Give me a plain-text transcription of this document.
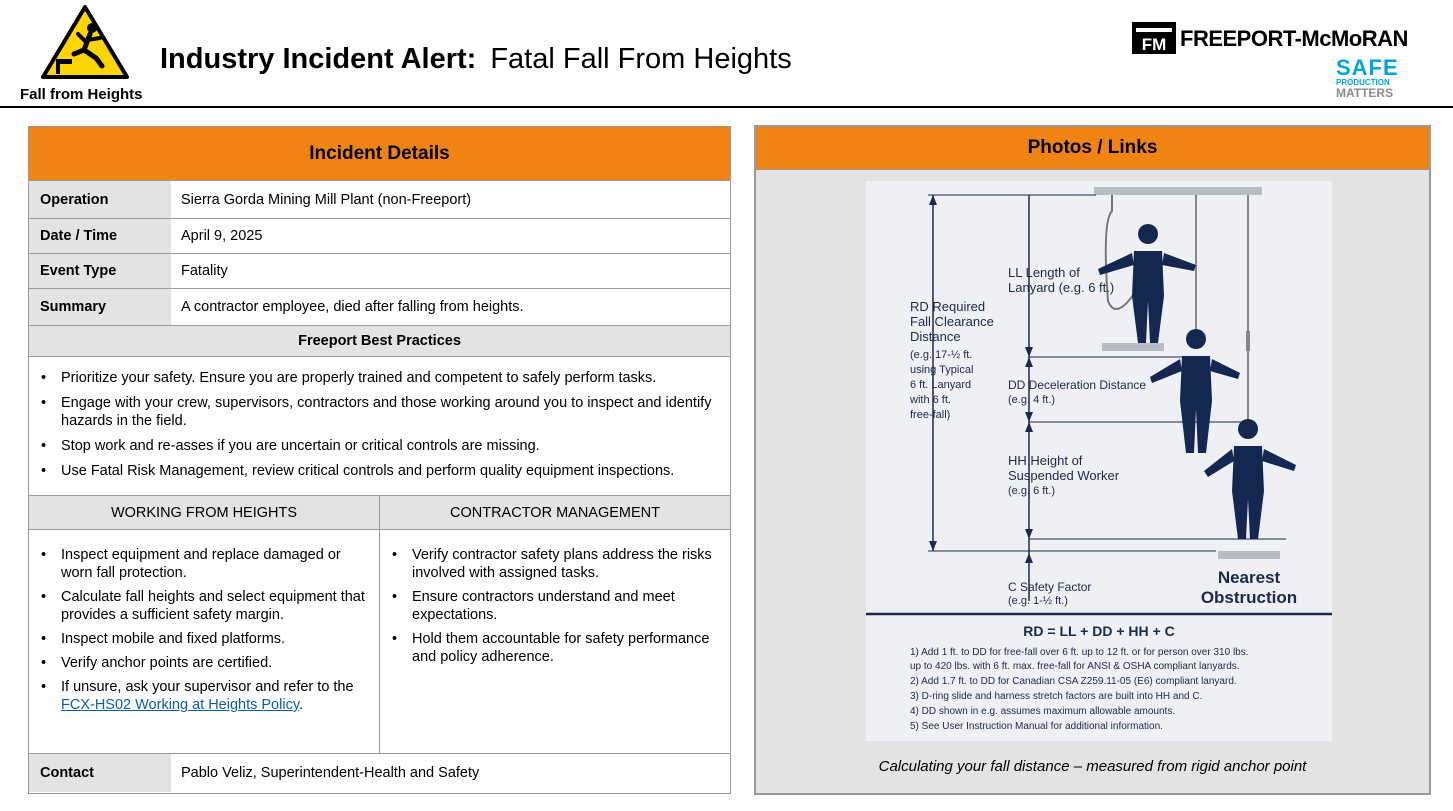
Fall from Heights
Industry Incident Alert: Fatal Fall From Heights	FM FREEPORT-McMoRAN
SAFE
PRODUCTION
MATTERS
Incident Details
Operation	Sierra Gorda Mining Mill Plant (non-Freeport)
Date / Time	April 9, 2025
Event Type	Fatality
Summary	A contractor employee, died after falling from heights.
Freeport Best Practices
• Prioritize your safety. Ensure you are properly trained and competent to safely perform tasks.
• Engage with your crew, supervisors, contractors and those working around you to inspect and identify hazards in the field.
• Stop work and re-asses if you are uncertain or critical controls are missing.
• Use Fatal Risk Management, review critical controls and perform quality equipment inspections.
WORKING FROM HEIGHTS
• Inspect equipment and replace damaged or worn fall protection.
• Calculate fall heights and select equipment that provides a sufficient safety margin.
• Inspect mobile and fixed platforms.
• Verify anchor points are certified.
• If unsure, ask your supervisor and refer to the FCX-HS02 Working at Heights Policy.
CONTRACTOR MANAGEMENT
• Verify contractor safety plans address the risks involved with assigned tasks.
• Ensure contractors understand and meet expectations.
• Hold them accountable for safety performance and policy adherence.
Contact	Pablo Veliz, Superintendent-Health and Safety
Photos / Links
LL Length of
Lanyard (e.g. 6 ft.)
RD Required
Fall Clearance
Distance
(e.g. 17-½ ft.
using Typical
6 ft. Lanyard
with 6 ft.
free-fall)
DD Deceleration Distance
(e.g. 4 ft.)
HH Height of
Suspended Worker
(e.g. 6 ft.)
C Safety Factor
(e.g. 1-½ ft.)
Nearest
Obstruction
RD = LL + DD + HH + C
1) Add 1 ft. to DD for free-fall over 6 ft. up to 12 ft. or for person over 310 lbs.
up to 420 lbs. with 6 ft. max. free-fall for ANSI & OSHA compliant lanyards.
2) Add 1.7 ft. to DD for Canadian CSA Z259.11-05 (E6) compliant lanyard.
3) D-ring slide and harness stretch factors are built into HH and C.
4) DD shown in e.g. assumes maximum allowable amounts.
5) See User Instruction Manual for additional information.
Calculating your fall distance – measured from rigid anchor point
